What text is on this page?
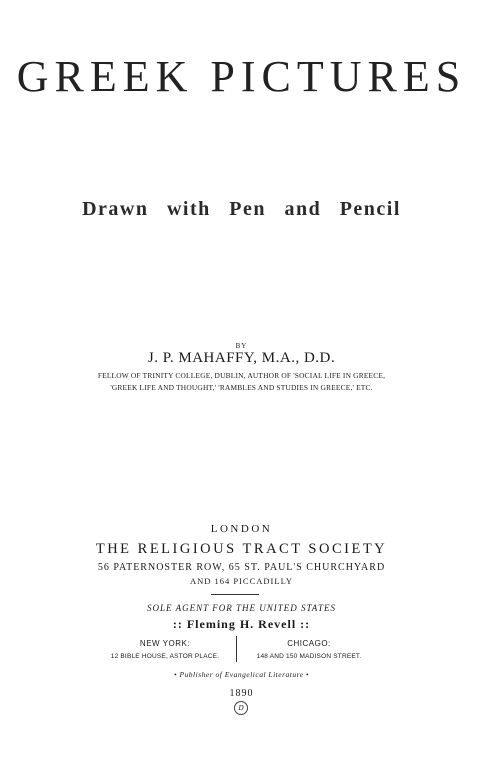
GREEK PICTURES
Drawn with Pen and Pencil
BY
J. P. MAHAFFY, M.A., D.D.
FELLOW OF TRINITY COLLEGE, DUBLIN, AUTHOR OF 'SOCIAL LIFE IN GREECE,
'GREEK LIFE AND THOUGHT,' 'RAMBLES AND STUDIES IN GREECE,' ETC.
LONDON
THE RELIGIOUS TRACT SOCIETY
56 PATERNOSTER ROW, 65 ST. PAUL'S CHURCHYARD
AND 164 PICCADILLY
SOLE AGENT FOR THE UNITED STATES
:: Fleming H. Revell ::
NEW YORK:
12 BIBLE HOUSE, ASTOR PLACE.
CHICAGO:
148 AND 150 MADISON STREET.
• Publisher of Evangelical Literature •
1890
D
